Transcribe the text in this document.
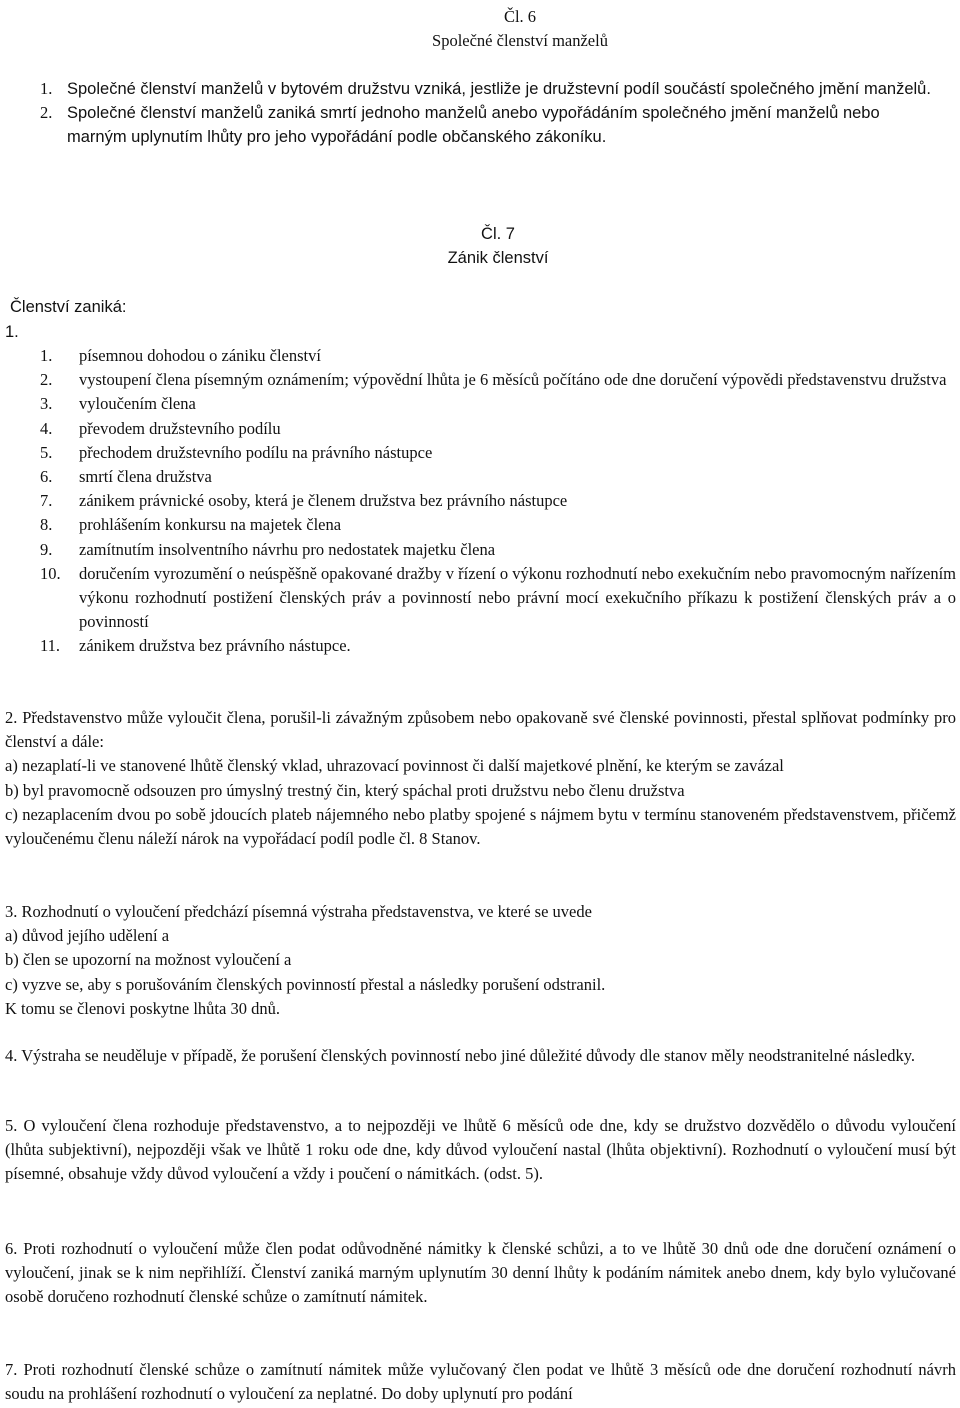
Čl. 6
Společné členství manželů
1. Společné členství manželů v bytovém družstvu vzniká, jestliže je družstevní podíl součástí společného jmění manželů.
2. Společné členství manželů zaniká smrtí jednoho manželů anebo vypořádáním společného jmění manželů nebo marným uplynutím lhůty pro jeho vypořádání podle občanského zákoníku.
Čl. 7
Zánik členství
Členství zaniká:
1.
1. písemnou dohodou o zániku členství
2. vystoupení člena písemným oznámením; výpovědní lhůta je 6 měsíců počítáno ode dne doručení výpovědi představenstvu družstva
3. vyloučením člena
4. převodem družstevního podílu
5. přechodem družstevního podílu na právního nástupce
6. smrtí člena družstva
7. zánikem právnické osoby, která je členem družstva bez právního nástupce
8. prohlášením konkursu na majetek člena
9. zamítnutím insolventního návrhu pro nedostatek majetku člena
10. doručením vyrozumění o neúspěšně opakované dražby v řízení o výkonu rozhodnutí nebo exekučním nebo pravomocným nařízením výkonu rozhodnutí postižení členských práv a povinností nebo právní mocí exekučního příkazu k postižení členských práv a o povinností
11. zánikem družstva bez právního nástupce.

2. Představenstvo může vyloučit člena, porušil-li závažným způsobem nebo opakovaně své členské povinnosti, přestal splňovat podmínky pro členství a dále:

a) nezaplatí-li ve stanovené lhůtě členský vklad, uhrazovací povinnost či další majetkové plnění, ke kterým se zavázal

b) byl pravomocně odsouzen pro úmyslný trestný čin, který spáchal proti družstvu nebo členu družstva

c) nezaplacením dvou po sobě jdoucích plateb nájemného nebo platby spojené s nájmem bytu v termínu stanoveném představenstvem, přičemž vyloučenému členu náleží nárok na vypořádací podíl podle čl. 8 Stanov.

3. Rozhodnutí o vyloučení předchází písemná výstraha představenstva, ve které se uvede

a) důvod jejího udělení a

b) člen se upozorní na možnost vyloučení a

c) vyzve se, aby s porušováním členských povinností přestal a následky porušení odstranil.

K tomu se členovi poskytne lhůta 30 dnů.

4. Výstraha se neuděluje v případě, že porušení členských povinností nebo jiné důležité důvody dle stanov měly neodstranitelné následky.

5. O vyloučení člena rozhoduje představenstvo, a to nejpozději ve lhůtě 6 měsíců ode dne, kdy se družstvo dozvědělo o důvodu vyloučení (lhůta subjektivní), nejpozději však ve lhůtě 1 roku ode dne, kdy důvod vyloučení nastal (lhůta objektivní). Rozhodnutí o vyloučení musí být písemné, obsahuje vždy důvod vyloučení a vždy i poučení o námitkách. (odst. 5).

6. Proti rozhodnutí o vyloučení může člen podat odůvodněné námitky k členské schůzi, a to ve lhůtě 30 dnů ode dne doručení oznámení o vyloučení, jinak se k nim nepřihlíží. Členství zaniká marným uplynutím 30 denní lhůty k podáním námitek anebo dnem, kdy bylo vylučované osobě doručeno rozhodnutí členské schůze o zamítnutí námitek.

7. Proti rozhodnutí členské schůze o zamítnutí námitek může vylučovaný člen podat ve lhůtě 3 měsíců ode dne doručení rozhodnutí návrh soudu na prohlášení rozhodnutí o vyloučení za neplatné. Do doby uplynutí pro podání
